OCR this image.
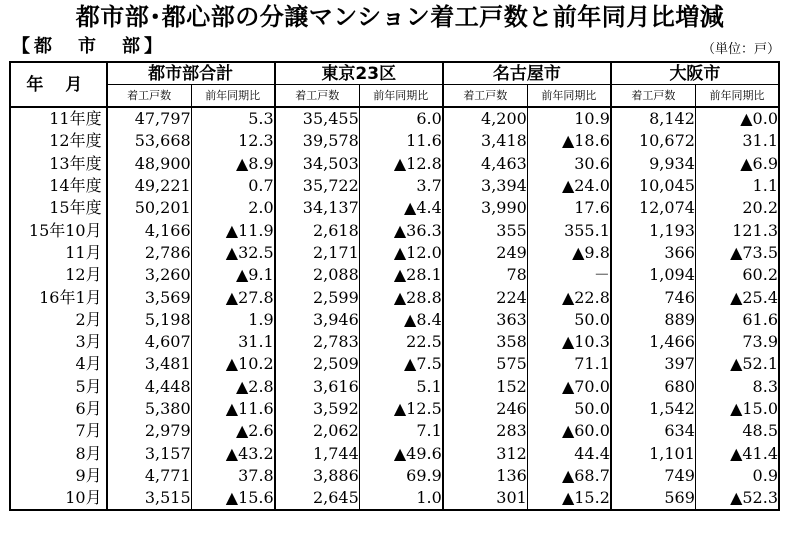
都市部･都心部の分譲マンション着工戸数と前年同月比増減
【都　市　部】	（単位：戸）
年 月	都市部合計		東京23区		名古屋市		大阪市	
	着工戸数	前年同期比	着工戸数	前年同期比	着工戸数	前年同期比	着工戸数	前年同期比
11年度	47,797	5.3	35,455	6.0	4,200	10.9	8,142	▲0.0
12年度	53,668	12.3	39,578	11.6	3,418	▲18.6	10,672	31.1
13年度	48,900	▲8.9	34,503	▲12.8	4,463	30.6	9,934	▲6.9
14年度	49,221	0.7	35,722	3.7	3,394	▲24.0	10,045	1.1
15年度	50,201	2.0	34,137	▲4.4	3,990	17.6	12,074	20.2
15年10月	4,166	▲11.9	2,618	▲36.3	355	355.1	1,193	121.3
11月	2,786	▲32.5	2,171	▲12.0	249	▲9.8	366	▲73.5
12月	3,260	▲9.1	2,088	▲28.1	78	－	1,094	60.2
16年1月	3,569	▲27.8	2,599	▲28.8	224	▲22.8	746	▲25.4
2月	5,198	1.9	3,946	▲8.4	363	50.0	889	61.6
3月	4,607	31.1	2,783	22.5	358	▲10.3	1,466	73.9
4月	3,481	▲10.2	2,509	▲7.5	575	71.1	397	▲52.1
5月	4,448	▲2.8	3,616	5.1	152	▲70.0	680	8.3
6月	5,380	▲11.6	3,592	▲12.5	246	50.0	1,542	▲15.0
7月	2,979	▲2.6	2,062	7.1	283	▲60.0	634	48.5
8月	3,157	▲43.2	1,744	▲49.6	312	44.4	1,101	▲41.4
9月	4,771	37.8	3,886	69.9	136	▲68.7	749	0.9
10月	3,515	▲15.6	2,645	1.0	301	▲15.2	569	▲52.3
